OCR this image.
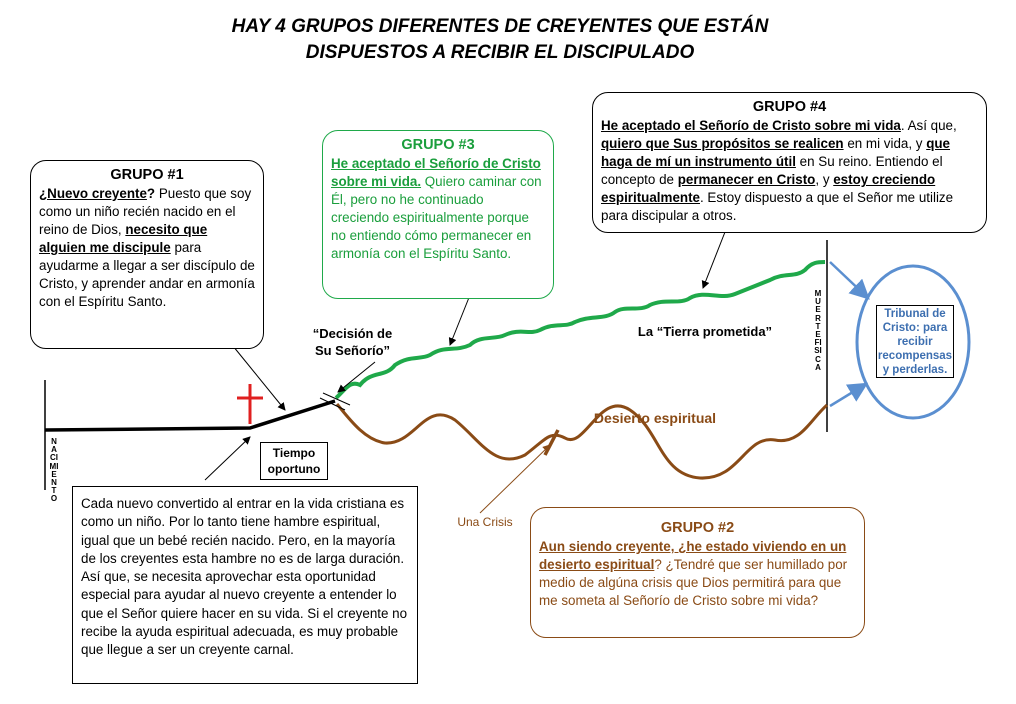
HAY 4 GRUPOS DIFERENTES DE CREYENTES QUE ESTÁN
DISPUESTOS A RECIBIR EL DISCIPULADO
NACIMIENTO
MUERTEFISICA
GRUPO #1
¿Nuevo creyente? Puesto que soy como un niño recién nacido en el reino de Dios, necesito que alguien me discipule para ayudarme a llegar a ser discípulo de Cristo, y aprender andar en armonía con el Espíritu Santo.
GRUPO #3
He aceptado el Señorío de Cristo sobre mi vida. Quiero caminar con Él, pero no he continuado creciendo espiritualmente porque no entiendo cómo permanecer en armonía con el Espíritu Santo.
GRUPO #4
He aceptado el Señorío de Cristo sobre mi vida. Así que, quiero que Sus propósitos se realicen en mi vida, y que haga de mí un instrumento útil en Su reino. Entiendo el concepto de permanecer en Cristo, y estoy creciendo espiritualmente. Estoy dispuesto a que el Señor me utilize para discipular a otros.
GRUPO #2
Aun siendo creyente, ¿he estado viviendo en un desierto espiritual? ¿Tendré que ser humillado por medio de algúna crisis que Dios permitirá para que me someta al Señorío de Cristo sobre mi vida?
Cada nuevo convertido al entrar en la vida cristiana es como un niño. Por lo tanto tiene hambre espiritual, igual que un bebé recién nacido. Pero, en la mayoría de los creyentes esta hambre no es de larga duración. Así que, se necesita aprovechar esta oportunidad especial para ayudar al nuevo creyente a entender lo que el Señor quiere hacer en su vida. Si el creyente no recibe la ayuda espiritual adecuada, es muy probable que llegue a ser un creyente carnal.
Tiempo oportuno
“Decisión de Su Señorío”
La “Tierra prometida”
Desierto espiritual
Una Crisis
Tribunal de Cristo: para recibir recompensas y perderlas.
